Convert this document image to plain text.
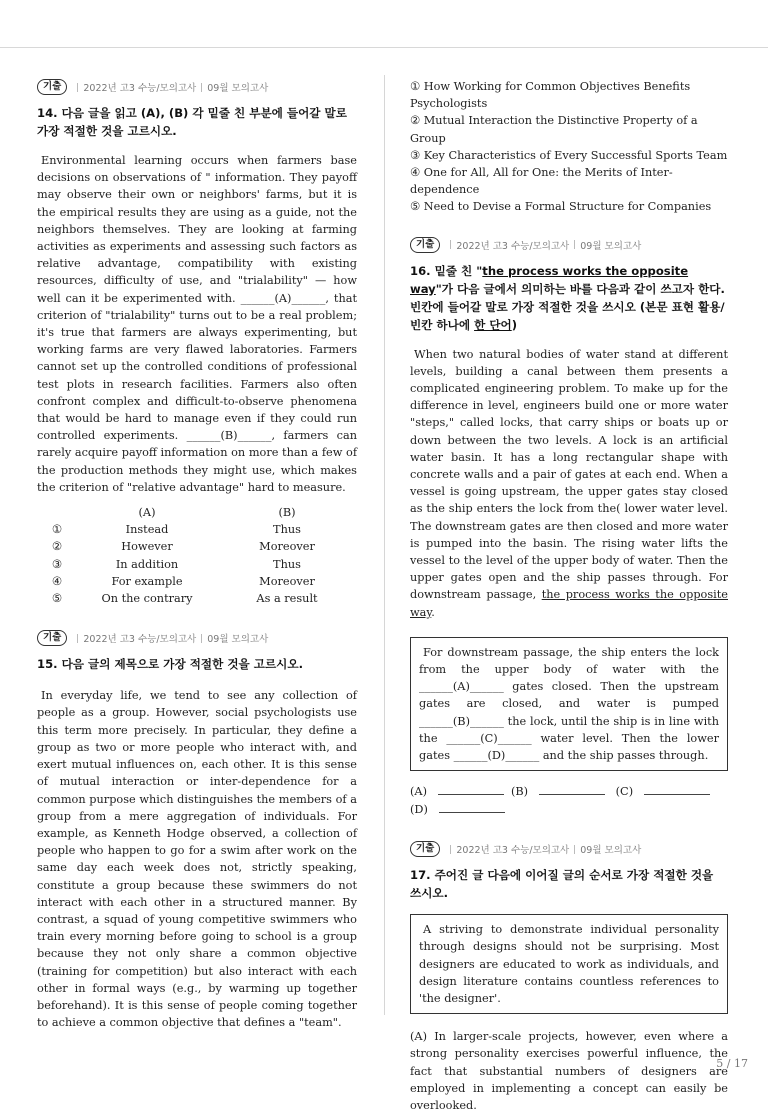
기출	2022년 고3 수능/모의고사 09월 모의고사
14. 다음 글을 읽고 (A), (B) 각 밑줄 친 부분에 들어갈 말로 가장 적절한 것을 고르시오.

Environmental learning occurs when farmers base decisions on observations of " information. They payoff may observe their own or neighbors' farms, but it is the empirical results they are using as a guide, not the neighbors themselves. They are looking at farming activities as experiments and assessing such factors as relative advantage, compatibility with existing resources, difficulty of use, and "trialability" — how well can it be experimented with. ______(A)______, that criterion of "trialability" turns out to be a real problem; it's true that farmers are always experimenting, but working farms are very flawed laboratories. Farmers cannot set up the controlled conditions of professional test plots in research facilities. Farmers also often confront complex and difficult-to-observe phenomena that would be hard to manage even if they could run controlled experiments. ______(B)______, farmers can rarely acquire payoff information on more than a few of the production methods they might use, which makes the criterion of "relative advantage" hard to measure.

	(A)	(B)
①	Instead	Thus
②	However	Moreover
③	In addition	Thus
④	For example	Moreover
⑤	On the contrary	As a result
기출	2022년 고3 수능/모의고사 09월 모의고사
15. 다음 글의 제목으로 가장 적절한 것을 고르시오.

In everyday life, we tend to see any collection of people as a group. However, social psychologists use this term more precisely. In particular, they define a group as two or more people who interact with, and exert mutual influences on, each other. It is this sense of mutual interaction or inter-dependence for a common purpose which distinguishes the members of a group from a mere aggregation of individuals. For example, as Kenneth Hodge observed, a collection of people who happen to go for a swim after work on the same day each week does not, strictly speaking, constitute a group because these swimmers do not interact with each other in a structured manner. By contrast, a squad of young competitive swimmers who train every morning before going to school is a group because they not only share a common objective (training for competition) but also interact with each other in formal ways (e.g., by warming up together beforehand). It is this sense of people coming together to achieve a common objective that defines a "team".

① How Working for Common Objectives Benefits Psychologists
② Mutual Interaction the Distinctive Property of a Group
③ Key Characteristics of Every Successful Sports Team
④ One for All, All for One: the Merits of Inter-dependence
⑤ Need to Devise a Formal Structure for Companies
기출	2022년 고3 수능/모의고사 09월 모의고사
16. 밑줄 친 "the process works the opposite way"가 다음 글에서 의미하는 바를 다음과 같이 쓰고자 한다. 빈칸에 들어갈 말로 가장 적절한 것을 쓰시오 (본문 표현 활용/ 빈칸 하나에 한 단어)

When two natural bodies of water stand at different levels, building a canal between them presents a complicated engineering problem. To make up for the difference in level, engineers build one or more water "steps," called locks, that carry ships or boats up or down between the two levels. A lock is an artificial water basin. It has a long rectangular shape with concrete walls and a pair of gates at each end. When a vessel is going upstream, the upper gates stay closed as the ship enters the lock from the( lower water level. The downstream gates are then closed and more water is pumped into the basin. The rising water lifts the vessel to the level of the upper body of water. Then the upper gates open and the ship passes through. For downstream passage, the process works the opposite way.

For downstream passage, the ship enters the lock from the upper body of water with the ______(A)______ gates closed. Then the upstream gates are closed, and water is pumped ______(B)______ the lock, until the ship is in line with the ______(C)______ water level. Then the lower gates ______(D)______ and the ship passes through.
(A)	(B)	(C)
(D)
기출	2022년 고3 수능/모의고사 09월 모의고사
17. 주어진 글 다음에 이어질 글의 순서로 가장 적절한 것을 쓰시오.
A striving to demonstrate individual personality through designs should not be surprising. Most designers are educated to work as individuals, and design literature contains countless references to 'the designer'.

(A) In larger-scale projects, however, even where a strong personality exercises powerful influence, the fact that substantial numbers of designers are employed in implementing a concept can easily be overlooked.

5 / 17
